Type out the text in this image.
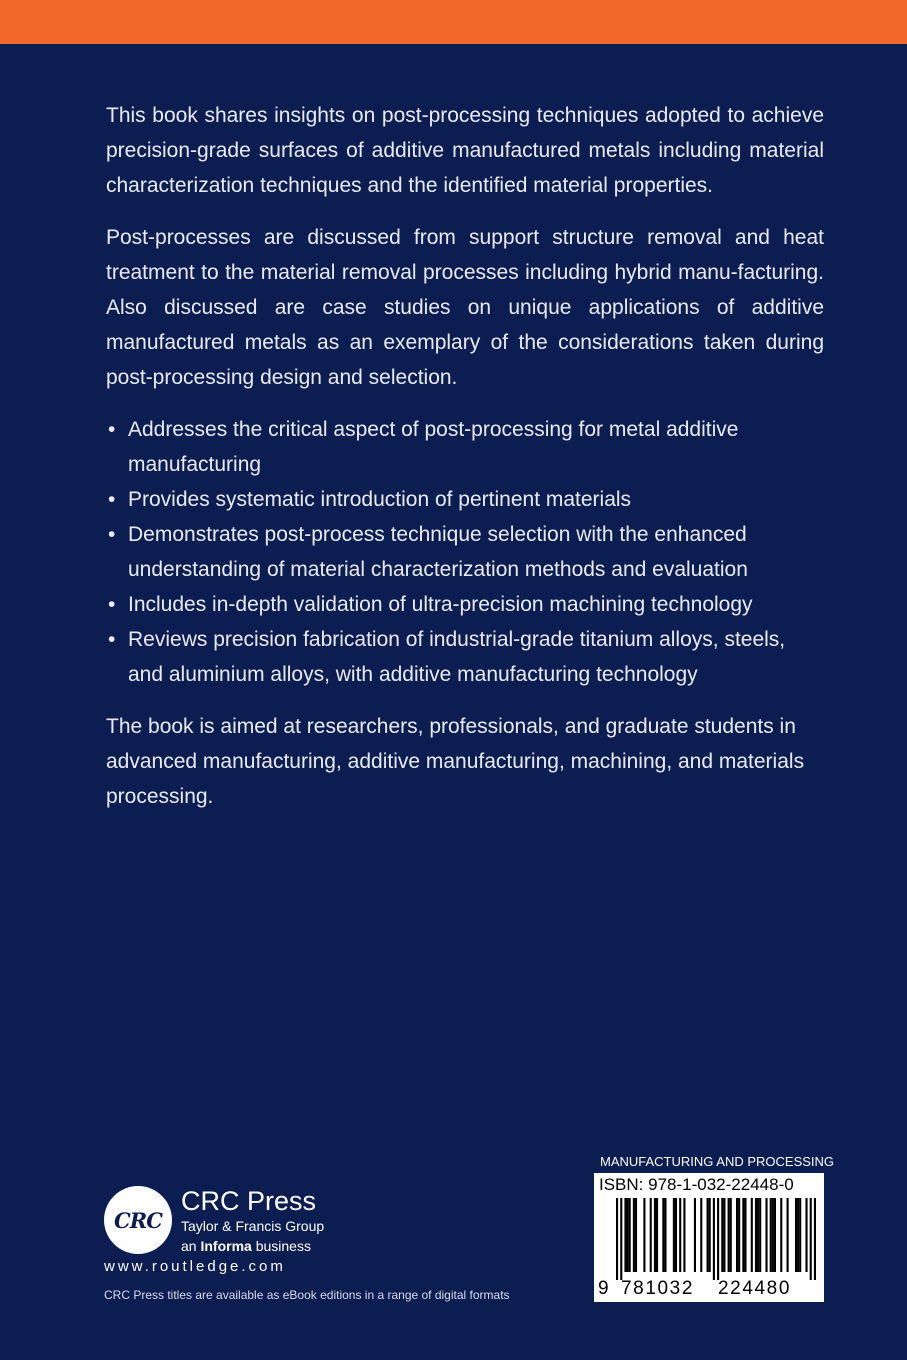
This book shares insights on post-processing techniques adopted to achieve precision-grade surfaces of additive manufactured metals including material characterization techniques and the identified material properties.

Post-processes are discussed from support structure removal and heat treatment to the material removal processes including hybrid manu-facturing. Also discussed are case studies on unique applications of additive manufactured metals as an exemplary of the considerations taken during post-processing design and selection.

• Addresses the critical aspect of post-processing for metal additive manufacturing
• Provides systematic introduction of pertinent materials
• Demonstrates post-process technique selection with the enhanced understanding of material characterization methods and evaluation
• Includes in-depth validation of ultra-precision machining technology
• Reviews precision fabrication of industrial-grade titanium alloys, steels, and aluminium alloys, with additive manufacturing technology

The book is aimed at researchers, professionals, and graduate students in advanced manufacturing, additive manufacturing, machining, and materials processing.

CRC
CRC Press
Taylor & Francis Group
an Informa business
www.routledge.com
CRC Press titles are available as eBook editions in a range of digital formats
MANUFACTURING AND PROCESSING
ISBN: 978-1-032-22448-0
9 781032 224480
